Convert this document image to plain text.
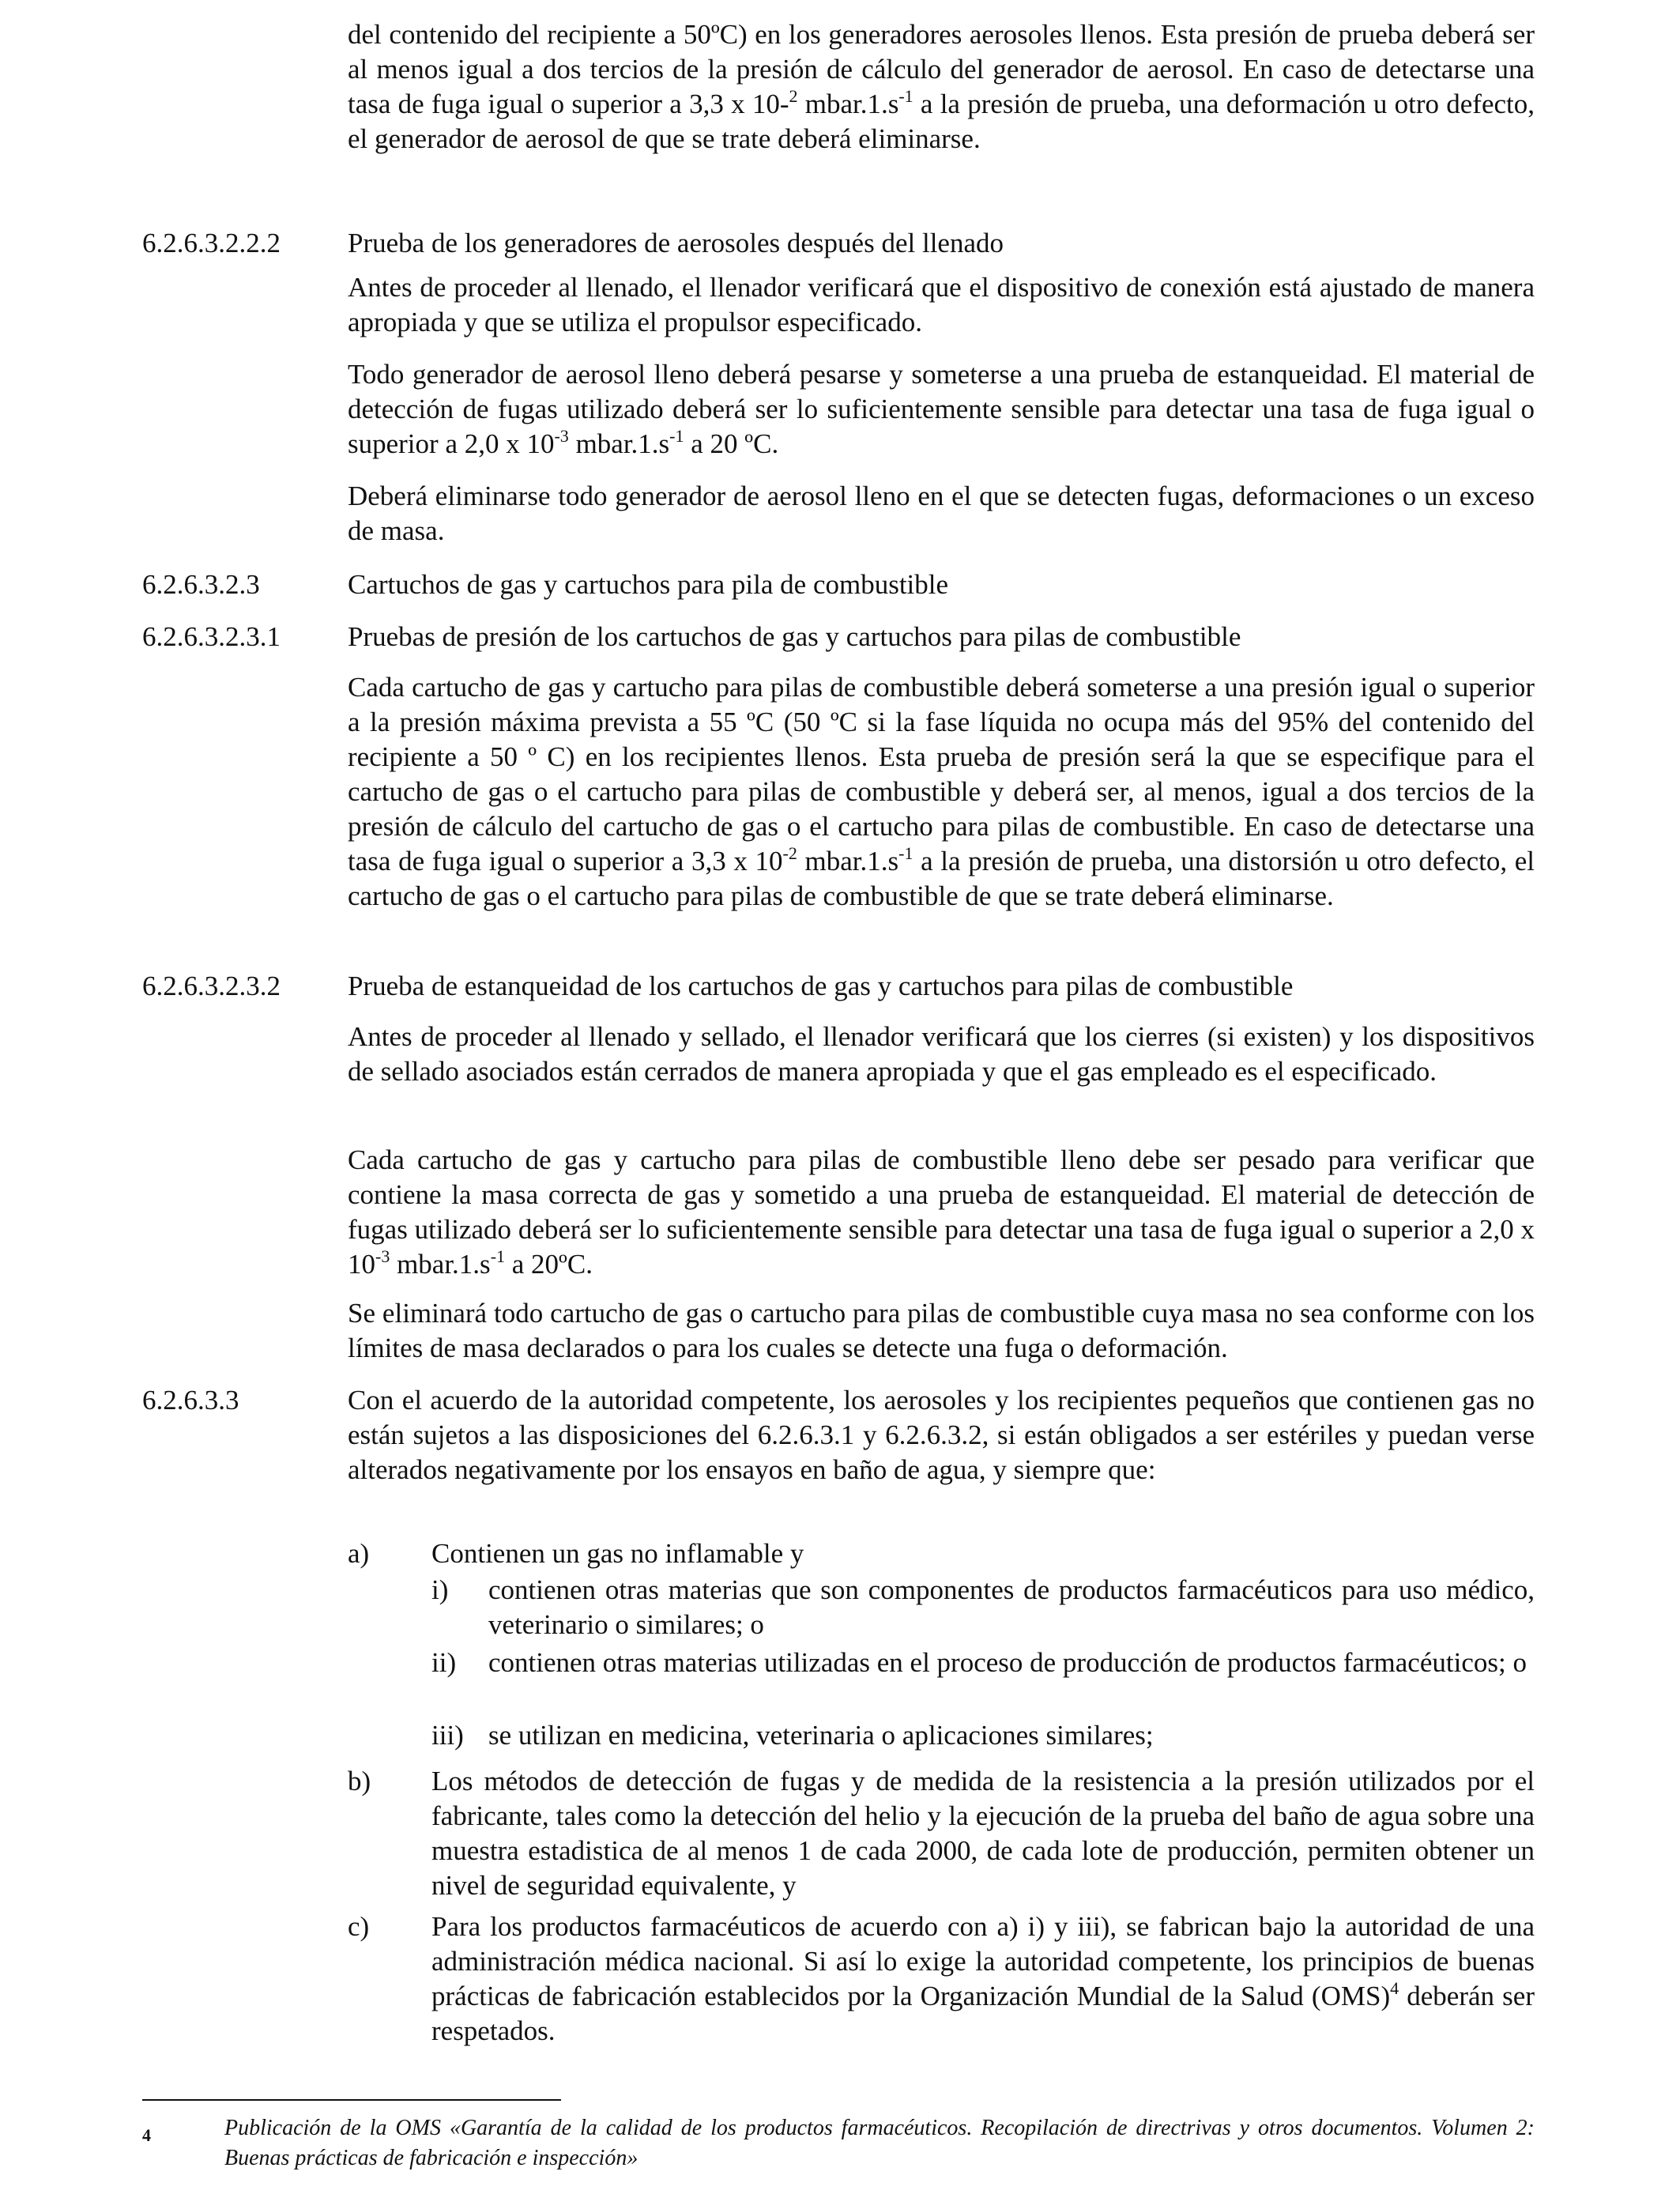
del contenido del recipiente a 50ºC) en los generadores aerosoles llenos. Esta presión de prueba deberá ser al menos igual a dos tercios de la presión de cálculo del generador de aerosol. En caso de detectarse una tasa de fuga igual o superior a 3,3 x 10-$^2$ $mbar.1.s^{-1}$ a la presión de prueba, una deformación u otro defecto, el generador de aerosol de que se trate deberá eliminarse.

6.2.6.3.2.2.2	Prueba de los generadores de aerosoles después del llenado

Antes de proceder al llenado, el llenador verificará que el dispositivo de conexión está ajustado de manera apropiada y que se utiliza el propulsor especificado.

Todo generador de aerosol lleno deberá pesarse y someterse a una prueba de estanqueidad. El material de detección de fugas utilizado deberá ser lo suficientemente sensible para detectar una tasa de fuga igual o superior a 2,0 x $10^{-3}$ $mbar.1.s^{-1}$ a 20 ºC.

Deberá eliminarse todo generador de aerosol lleno en el que se detecten fugas, deformaciones o un exceso de masa.

6.2.6.3.2.3	Cartuchos de gas y cartuchos para pila de combustible
6.2.6.3.2.3.1	Pruebas de presión de los cartuchos de gas y cartuchos para pilas de combustible

Cada cartucho de gas y cartucho para pilas de combustible deberá someterse a una presión igual o superior a la presión máxima prevista a 55 ºC (50 ºC si la fase líquida no ocupa más del 95% del contenido del recipiente a 50 º C) en los recipientes llenos. Esta prueba de presión será la que se especifique para el cartucho de gas o el cartucho para pilas de combustible y deberá ser, al menos, igual a dos tercios de la presión de cálculo del cartucho de gas o el cartucho para pilas de combustible. En caso de detectarse una tasa de fuga igual o superior a 3,3 x $10^{-2}$ $mbar.1.s^{-1}$ a la presión de prueba, una distorsión u otro defecto, el cartucho de gas o el cartucho para pilas de combustible de que se trate deberá eliminarse.

6.2.6.3.2.3.2	Prueba de estanqueidad de los cartuchos de gas y cartuchos para pilas de combustible

Antes de proceder al llenado y sellado, el llenador verificará que los cierres (si existen) y los dispositivos de sellado asociados están cerrados de manera apropiada y que el gas empleado es el especificado.

Cada cartucho de gas y cartucho para pilas de combustible lleno debe ser pesado para verificar que contiene la masa correcta de gas y sometido a una prueba de estanqueidad. El material de detección de fugas utilizado deberá ser lo suficientemente sensible para detectar una tasa de fuga igual o superior a 2,0 x $10^{-3}$ $mbar.1.s^{-1}$ a 20ºC.

Se eliminará todo cartucho de gas o cartucho para pilas de combustible cuya masa no sea conforme con los límites de masa declarados o para los cuales se detecte una fuga o deformación.

6.2.6.3.3	Con el acuerdo de la autoridad competente, los aerosoles y los recipientes pequeños que contienen gas no están sujetos a las disposiciones del 6.2.6.3.1 y 6.2.6.3.2, si están obligados a ser estériles y puedan verse alterados negativamente por los ensayos en baño de agua, y siempre que:

a)	Contienen un gas no inflamable y
i)	contienen otras materias que son componentes de productos farmacéuticos para uso médico, veterinario o similares; o
ii)	contienen otras materias utilizadas en el proceso de producción de productos farmacéuticos; o
iii) se utilizan en medicina, veterinaria o aplicaciones similares;
b)	Los métodos de detección de fugas y de medida de la resistencia a la presión utilizados por el fabricante, tales como la detección del helio y la ejecución de la prueba del baño de agua sobre una muestra estadistica de al menos 1 de cada 2000, de cada lote de producción, permiten obtener un nivel de seguridad equivalente, y
c)	Para los productos farmacéuticos de acuerdo con a) i) y iii), se fabrican bajo la autoridad de una administración médica nacional. Si así lo exige la autoridad competente, los principios de buenas prácticas de fabricación establecidos por la Organización Mundial de la Salud (OMS)$^4$ deberán ser respetados.
4	Publicación de la OMS «Garantía de la calidad de los productos farmacéuticos. Recopilación de directrivas y otros documentos. Volumen 2: Buenas prácticas de fabricación e inspección»
